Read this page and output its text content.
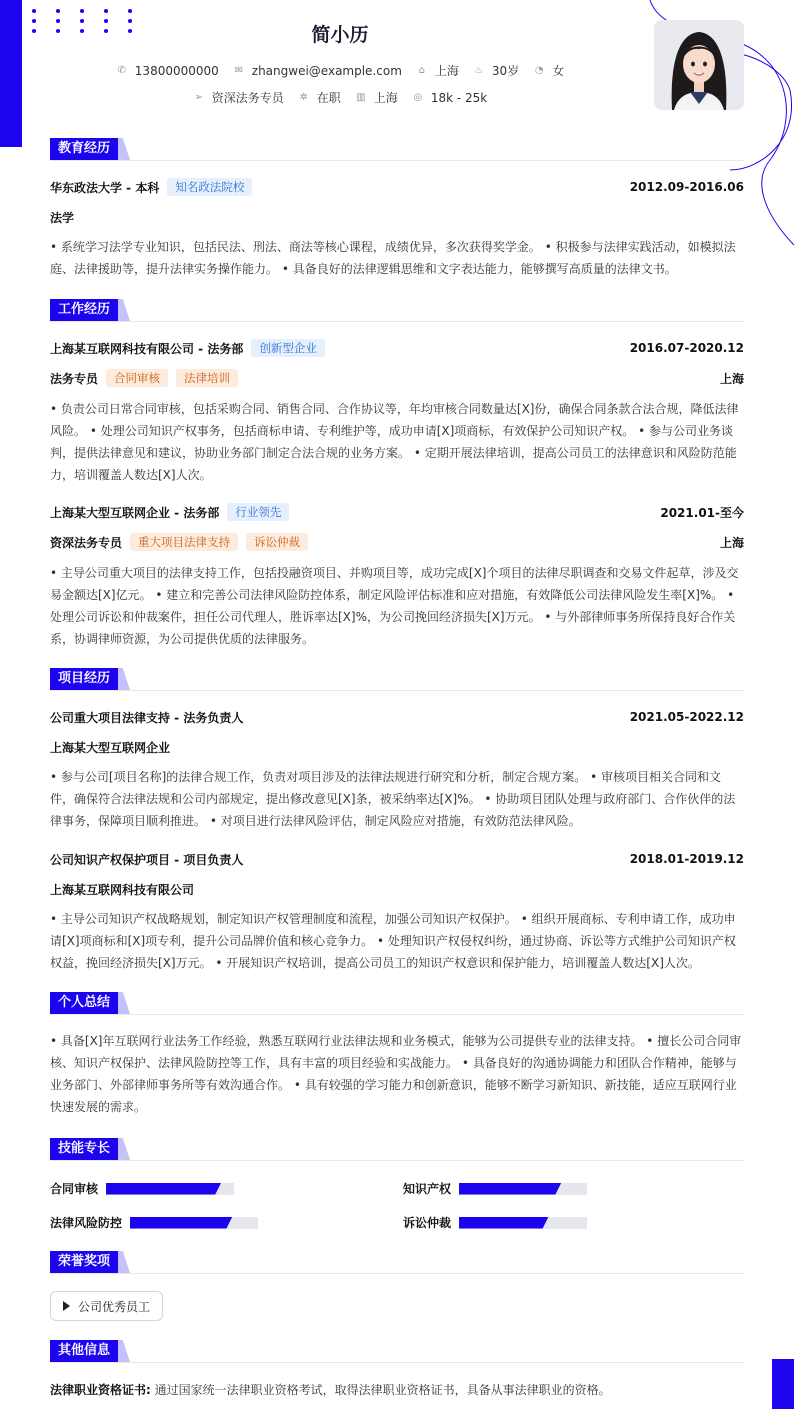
简小历
✆ 13800000000 ✉ zhangwei@example.com ⌂ 上海 ♨ 30岁 ◔ 女
➢ 资深法务专员 ✲ 在职 ▥ 上海 ◎ 18k - 25k
教育经历
华东政法大学 - 本科	知名政法院校	2012.09-2016.06
法学
• 系统学习法学专业知识，包括民法、刑法、商法等核心课程，成绩优异，多次获得奖学金。 • 积极参与法律实践活动，如模拟法庭、法律援助等，提升法律实务操作能力。 • 具备良好的法律逻辑思维和文字表达能力，能够撰写高质量的法律文书。
工作经历
上海某互联网科技有限公司 - 法务部	创新型企业	2016.07-2020.12
法务专员	合同审核	法律培训	上海
• 负责公司日常合同审核，包括采购合同、销售合同、合作协议等，年均审核合同数量达[X]份，确保合同条款合法合规，降低法律风险。 • 处理公司知识产权事务，包括商标申请、专利维护等，成功申请[X]项商标，有效保护公司知识产权。 • 参与公司业务谈判，提供法律意见和建议，协助业务部门制定合法合规的业务方案。 • 定期开展法律培训，提高公司员工的法律意识和风险防范能力，培训覆盖人数达[X]人次。
上海某大型互联网企业 - 法务部	行业领先	2021.01-至今
资深法务专员	重大项目法律支持	诉讼仲裁	上海
• 主导公司重大项目的法律支持工作，包括投融资项目、并购项目等，成功完成[X]个项目的法律尽职调查和交易文件起草，涉及交易金额达[X]亿元。 • 建立和完善公司法律风险防控体系，制定风险评估标准和应对措施，有效降低公司法律风险发生率[X]%。 • 处理公司诉讼和仲裁案件，担任公司代理人，胜诉率达[X]%，为公司挽回经济损失[X]万元。 • 与外部律师事务所保持良好合作关系，协调律师资源，为公司提供优质的法律服务。
项目经历
公司重大项目法律支持 - 法务负责人	2021.05-2022.12
上海某大型互联网企业
• 参与公司[项目名称]的法律合规工作，负责对项目涉及的法律法规进行研究和分析，制定合规方案。 • 审核项目相关合同和文件，确保符合法律法规和公司内部规定，提出修改意见[X]条，被采纳率达[X]%。 • 协助项目团队处理与政府部门、合作伙伴的法律事务，保障项目顺利推进。 • 对项目进行法律风险评估，制定风险应对措施，有效防范法律风险。
公司知识产权保护项目 - 项目负责人	2018.01-2019.12
上海某互联网科技有限公司
• 主导公司知识产权战略规划，制定知识产权管理制度和流程，加强公司知识产权保护。 • 组织开展商标、专利申请工作，成功申请[X]项商标和[X]项专利，提升公司品牌价值和核心竞争力。 • 处理知识产权侵权纠纷，通过协商、诉讼等方式维护公司知识产权权益，挽回经济损失[X]万元。 • 开展知识产权培训，提高公司员工的知识产权意识和保护能力，培训覆盖人数达[X]人次。
个人总结
• 具备[X]年互联网行业法务工作经验，熟悉互联网行业法律法规和业务模式，能够为公司提供专业的法律支持。 • 擅长公司合同审核、知识产权保护、法律风险防控等工作，具有丰富的项目经验和实战能力。 • 具备良好的沟通协调能力和团队合作精神，能够与业务部门、外部律师事务所等有效沟通合作。 • 具有较强的学习能力和创新意识，能够不断学习新知识、新技能，适应互联网行业快速发展的需求。
技能专长
合同审核	知识产权
法律风险防控	诉讼仲裁
荣誉奖项
公司优秀员工
其他信息
法律职业资格证书: 通过国家统一法律职业资格考试，取得法律职业资格证书，具备从事法律职业的资格。
